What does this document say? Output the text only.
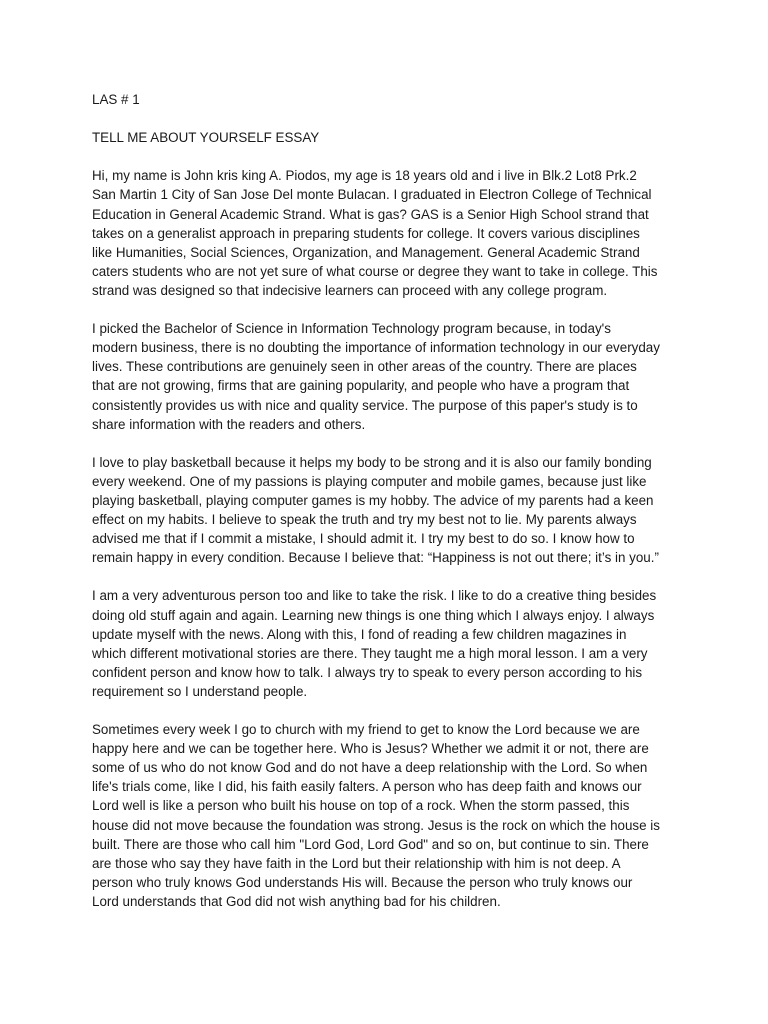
LAS # 1
TELL ME ABOUT YOURSELF ESSAY
Hi, my name is John kris king A. Piodos, my age is 18 years old and i live in Blk.2 Lot8 Prk.2
San Martin 1 City of San Jose Del monte Bulacan. I graduated in Electron College of Technical
Education in General Academic Strand. What is gas? GAS is a Senior High School strand that
takes on a generalist approach in preparing students for college. It covers various disciplines
like Humanities, Social Sciences, Organization, and Management. General Academic Strand
caters students who are not yet sure of what course or degree they want to take in college. This
strand was designed so that indecisive learners can proceed with any college program.
I picked the Bachelor of Science in Information Technology program because, in today's
modern business, there is no doubting the importance of information technology in our everyday
lives. These contributions are genuinely seen in other areas of the country. There are places
that are not growing, firms that are gaining popularity, and people who have a program that
consistently provides us with nice and quality service. The purpose of this paper's study is to
share information with the readers and others.
I love to play basketball because it helps my body to be strong and it is also our family bonding
every weekend. One of my passions is playing computer and mobile games, because just like
playing basketball, playing computer games is my hobby. The advice of my parents had a keen
effect on my habits. I believe to speak the truth and try my best not to lie. My parents always
advised me that if I commit a mistake, I should admit it. I try my best to do so. I know how to
remain happy in every condition. Because I believe that: “Happiness is not out there; it’s in you.”
I am a very adventurous person too and like to take the risk. I like to do a creative thing besides
doing old stuff again and again. Learning new things is one thing which I always enjoy. I always
update myself with the news. Along with this, I fond of reading a few children magazines in
which different motivational stories are there. They taught me a high moral lesson. I am a very
confident person and know how to talk. I always try to speak to every person according to his
requirement so I understand people.
Sometimes every week I go to church with my friend to get to know the Lord because we are
happy here and we can be together here. Who is Jesus? Whether we admit it or not, there are
some of us who do not know God and do not have a deep relationship with the Lord. So when
life's trials come, like I did, his faith easily falters. A person who has deep faith and knows our
Lord well is like a person who built his house on top of a rock. When the storm passed, this
house did not move because the foundation was strong. Jesus is the rock on which the house is
built. There are those who call him "Lord God, Lord God" and so on, but continue to sin. There
are those who say they have faith in the Lord but their relationship with him is not deep. A
person who truly knows God understands His will. Because the person who truly knows our
Lord understands that God did not wish anything bad for his children.
